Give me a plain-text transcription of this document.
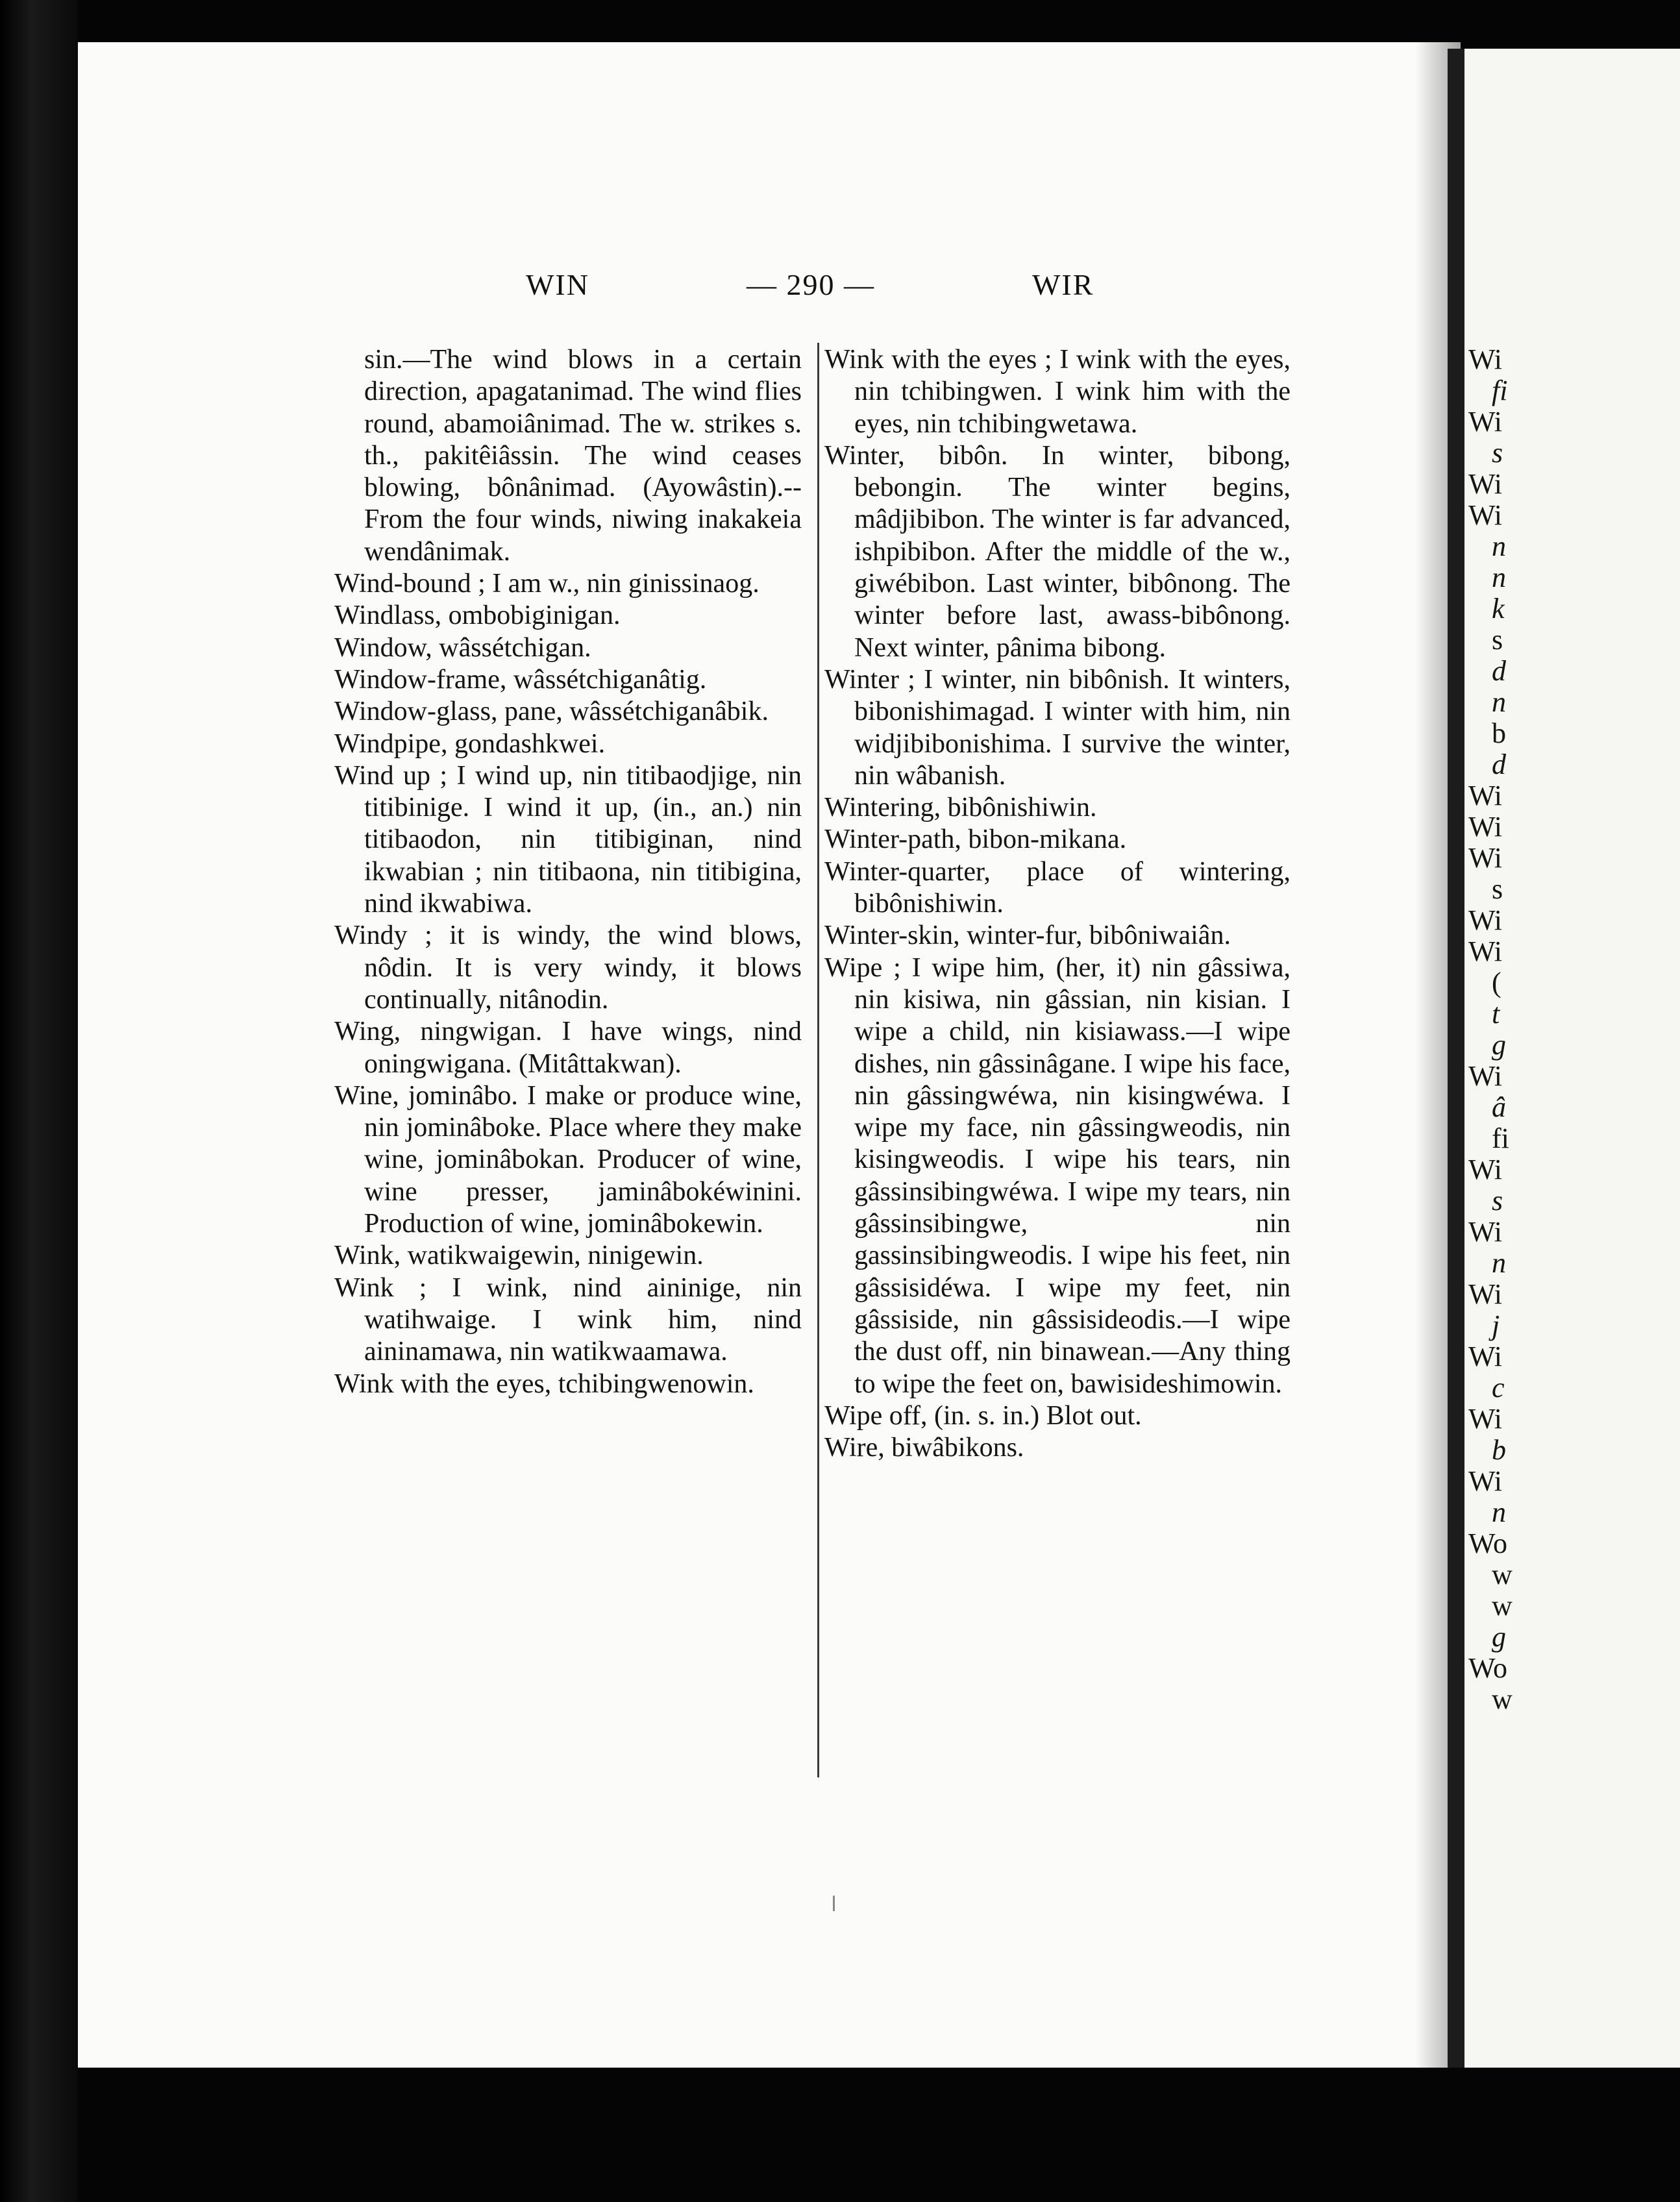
Wi
fi
Wi
s
Wi
Wi
n
n
k
s
d
n
b
d
Wi
Wi
Wi
s
Wi
Wi
(
t
g
Wi
â
fi
Wi
s
Wi
n
Wi
j
Wi
c
Wi
b
Wi
n
Wo
w
w
g
Wo
w
WIN	— 290 —	WIR

sin.—The wind blows in a certain direction, apagatanimad. The wind flies round, abamoiânimad. The w. strikes s. th., pakitêiâssin. The wind ceases blowing, bônânimad. (Ayowâstin).--From the four winds, niwing inakakeia wendânimak.

Wind-bound ; I am w., nin ginissinaog.

Windlass, ombobiginigan.

Window, wâssétchigan.

Window-frame, wâssétchiganâtig.

Window-glass, pane, wâssétchiganâbik.

Windpipe, gondashkwei.

Wind up ; I wind up, nin titibaodjige, nin titibinige. I wind it up, (in., an.) nin titibaodon, nin titibiginan, nind ikwabian ; nin titibaona, nin titibigina, nind ikwabiwa.

Windy ; it is windy, the wind blows, nôdin. It is very windy, it blows continually, nitânodin.

Wing, ningwigan. I have wings, nind oningwigana. (Mitâttakwan).

Wine, jominâbo. I make or produce wine, nin jominâboke. Place where they make wine, jominâbokan. Producer of wine, wine presser, jaminâbokéwinini. Production of wine, jominâbokewin.

Wink, watikwaigewin, ninigewin.

Wink ; I wink, nind aininige, nin watihwaige. I wink him, nind aininamawa, nin watikwaamawa.

Wink with the eyes, tchibingwenowin.

Wink with the eyes ; I wink with the eyes, nin tchibingwen. I wink him with the eyes, nin tchibingwetawa.

Winter, bibôn. In winter, bibong, bebongin. The winter begins, mâdjibibon. The winter is far advanced, ishpibibon. After the middle of the w., giwébibon. Last winter, bibônong. The winter before last, awass-bibônong. Next winter, pânima bibong.

Winter ; I winter, nin bibônish. It winters, bibonishimagad. I winter with him, nin widjibibonishima. I survive the winter, nin wâbanish.

Wintering, bibônishiwin.

Winter-path, bibon-mikana.

Winter-quarter, place of wintering, bibônishiwin.

Winter-skin, winter-fur, bibôniwaiân.

Wipe ; I wipe him, (her, it) nin gâssiwa, nin kisiwa, nin gâssian, nin kisian. I wipe a child, nin kisiawass.—I wipe dishes, nin gâssinâgane. I wipe his face, nin gâssingwéwa, nin kisingwéwa. I wipe my face, nin gâssingweodis, nin kisingweodis. I wipe his tears, nin gâssinsibingwéwa. I wipe my tears, nin gâssinsibingwe, nin gassinsibingweodis. I wipe his feet, nin gâssisidéwa. I wipe my feet, nin gâssiside, nin gâssisideodis.—I wipe the dust off, nin binawean.—Any thing to wipe the feet on, bawisideshimowin.

Wipe off, (in. s. in.) Blot out.

Wire, biwâbikons.
